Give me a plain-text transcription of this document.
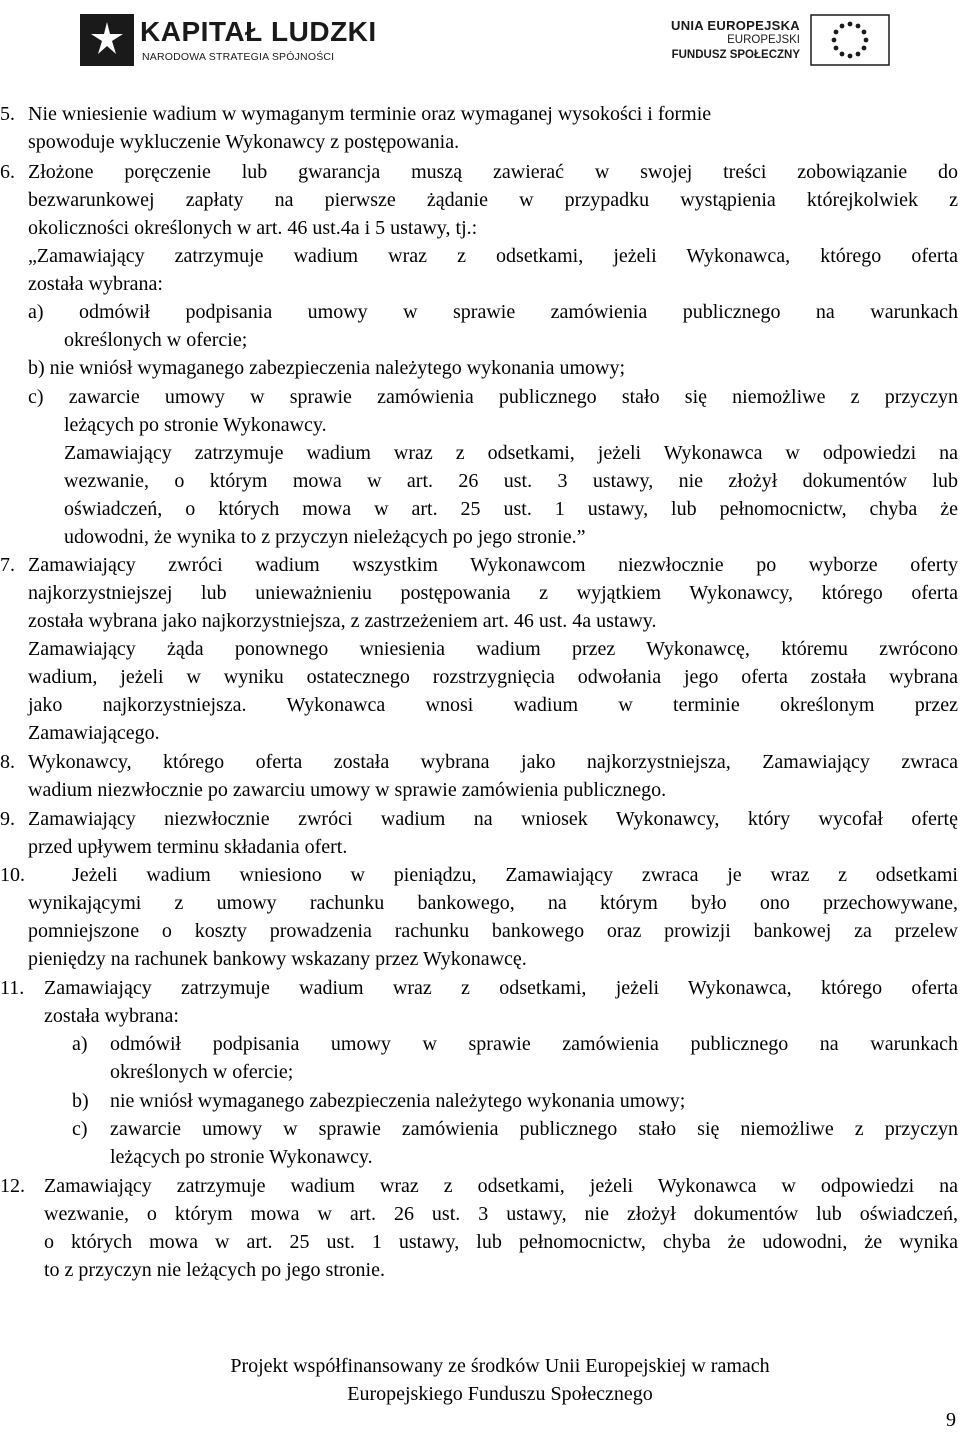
KAPITAŁ LUDZKI
NARODOWA STRATEGIA SPÓJNOŚCI
UNIA EUROPEJSKA
EUROPEJSKI
FUNDUSZ SPOŁECZNY
5. Nie wniesienie wadium w wymaganym terminie oraz wymaganej wysokości i formie
spowoduje wykluczenie Wykonawcy z postępowania.
6. Złożone poręczenie lub gwarancja muszą zawierać w swojej treści zobowiązanie do
bezwarunkowej zapłaty na pierwsze żądanie w przypadku wystąpienia którejkolwiek z
okoliczności określonych w art. 46 ust.4a i 5 ustawy, tj.:
„Zamawiający zatrzymuje wadium wraz z odsetkami, jeżeli Wykonawca, którego oferta
została wybrana:
a) odmówił podpisania umowy w sprawie zamówienia publicznego na warunkach
określonych w ofercie;
b) nie wniósł wymaganego zabezpieczenia należytego wykonania umowy;
c) zawarcie umowy w sprawie zamówienia publicznego stało się niemożliwe z przyczyn
leżących po stronie Wykonawcy.
Zamawiający zatrzymuje wadium wraz z odsetkami, jeżeli Wykonawca w odpowiedzi na
wezwanie, o którym mowa w art. 26 ust. 3 ustawy, nie złożył dokumentów lub
oświadczeń, o których mowa w art. 25 ust. 1 ustawy, lub pełnomocnictw, chyba że
udowodni, że wynika to z przyczyn nieleżących po jego stronie.”
7. Zamawiający zwróci wadium wszystkim Wykonawcom niezwłocznie po wyborze oferty
najkorzystniejszej lub unieważnieniu postępowania z wyjątkiem Wykonawcy, którego oferta
została wybrana jako najkorzystniejsza, z zastrzeżeniem art. 46 ust. 4a ustawy.
Zamawiający żąda ponownego wniesienia wadium przez Wykonawcę, któremu zwrócono
wadium, jeżeli w wyniku ostatecznego rozstrzygnięcia odwołania jego oferta została wybrana
jako najkorzystniejsza. Wykonawca wnosi wadium w terminie określonym przez
Zamawiającego.
8. Wykonawcy, którego oferta została wybrana jako najkorzystniejsza, Zamawiający zwraca
wadium niezwłocznie po zawarciu umowy w sprawie zamówienia publicznego.
9. Zamawiający niezwłocznie zwróci wadium na wniosek Wykonawcy, który wycofał ofertę
przed upływem terminu składania ofert.
10. Jeżeli wadium wniesiono w pieniądzu, Zamawiający zwraca je wraz z odsetkami
wynikającymi z umowy rachunku bankowego, na którym było ono przechowywane,
pomniejszone o koszty prowadzenia rachunku bankowego oraz prowizji bankowej za przelew
pieniędzy na rachunek bankowy wskazany przez Wykonawcę.
11. Zamawiający zatrzymuje wadium wraz z odsetkami, jeżeli Wykonawca, którego oferta
została wybrana:
a) odmówił podpisania umowy w sprawie zamówienia publicznego na warunkach
określonych w ofercie;
b) nie wniósł wymaganego zabezpieczenia należytego wykonania umowy;
c) zawarcie umowy w sprawie zamówienia publicznego stało się niemożliwe z przyczyn
leżących po stronie Wykonawcy.
12. Zamawiający zatrzymuje wadium wraz z odsetkami, jeżeli Wykonawca w odpowiedzi na
wezwanie, o którym mowa w art. 26 ust. 3 ustawy, nie złożył dokumentów lub oświadczeń,
o których mowa w art. 25 ust. 1 ustawy, lub pełnomocnictw, chyba że udowodni, że wynika
to z przyczyn nie leżących po jego stronie.
Projekt współfinansowany ze środków Unii Europejskiej w ramach
Europejskiego Funduszu Społecznego
9
